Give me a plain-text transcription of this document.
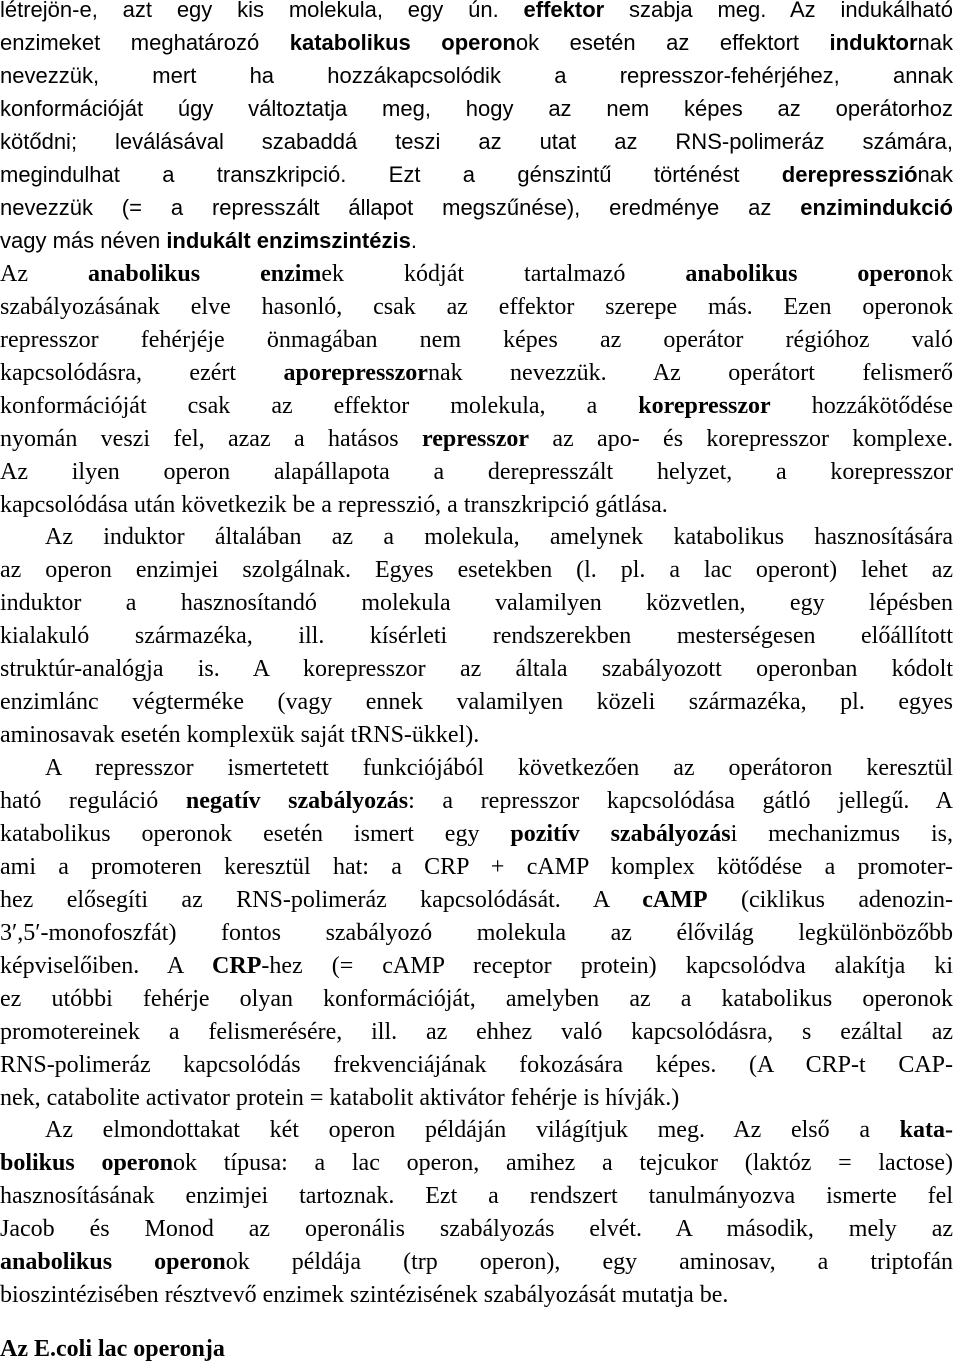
létrejön-e, azt egy kis molekula, egy ún. effektor szabja meg. Az indukálható
enzimeket meghatározó katabolikus operonok esetén az effektort induktornak
nevezzük, mert ha hozzákapcsolódik a represszor-fehérjéhez, annak
konformációját úgy változtatja meg, hogy az nem képes az operátorhoz
kötődni; leválásával szabaddá teszi az utat az RNS-polimeráz számára,
megindulhat a transzkripció. Ezt a génszintű történést derepressziónak
nevezzük (= a represszált állapot megszűnése), eredménye az enzimindukció
vagy más néven indukált enzimszintézis.
Az anabolikus enzimek kódját tartalmazó anabolikus operonok
szabályozásának elve hasonló, csak az effektor szerepe más. Ezen operonok
represszor fehérjéje önmagában nem képes az operátor régióhoz való
kapcsolódásra, ezért aporepresszornak nevezzük. Az operátort felismerő
konformációját csak az effektor molekula, a korepresszor hozzákötődése
nyomán veszi fel, azaz a hatásos represszor az apo- és korepresszor komplexe.
Az ilyen operon alapállapota a derepresszált helyzet, a korepresszor
kapcsolódása után következik be a represszió, a transzkripció gátlása.
Az induktor általában az a molekula, amelynek katabolikus hasznosítására
az operon enzimjei szolgálnak. Egyes esetekben (l. pl. a lac operont) lehet az
induktor a hasznosítandó molekula valamilyen közvetlen, egy lépésben
kialakuló származéka, ill. kísérleti rendszerekben mesterségesen előállított
struktúr-analógja is. A korepresszor az általa szabályozott operonban kódolt
enzimlánc végterméke (vagy ennek valamilyen közeli származéka, pl. egyes
aminosavak esetén komplexük saját tRNS-ükkel).
A represszor ismertetett funkciójából következően az operátoron keresztül
ható reguláció negatív szabályozás: a represszor kapcsolódása gátló jellegű. A
katabolikus operonok esetén ismert egy pozitív szabályozási mechanizmus is,
ami a promoteren keresztül hat: a CRP + cAMP komplex kötődése a promoter-
hez elősegíti az RNS-polimeráz kapcsolódását. A cAMP (ciklikus adenozin-
3′,5′-monofoszfát) fontos szabályozó molekula az élővilág legkülönbözőbb
képviselőiben. A CRP-hez (= cAMP receptor protein) kapcsolódva alakítja ki
ez utóbbi fehérje olyan konformációját, amelyben az a katabolikus operonok
promotereinek a felismerésére, ill. az ehhez való kapcsolódásra, s ezáltal az
RNS-polimeráz kapcsolódás frekvenciájának fokozására képes. (A CRP-t CAP-
nek, catabolite activator protein = katabolit aktivátor fehérje is hívják.)
Az elmondottakat két operon példáján világítjuk meg. Az első a kata-
bolikus operonok típusa: a lac operon, amihez a tejcukor (laktóz = lactose)
hasznosításának enzimjei tartoznak. Ezt a rendszert tanulmányozva ismerte fel
Jacob és Monod az operonális szabályozás elvét. A második, mely az
anabolikus operonok példája (trp operon), egy aminosav, a triptofán
bioszintézisében résztvevő enzimek szintézisének szabályozását mutatja be.
Az E.coli lac operonja
